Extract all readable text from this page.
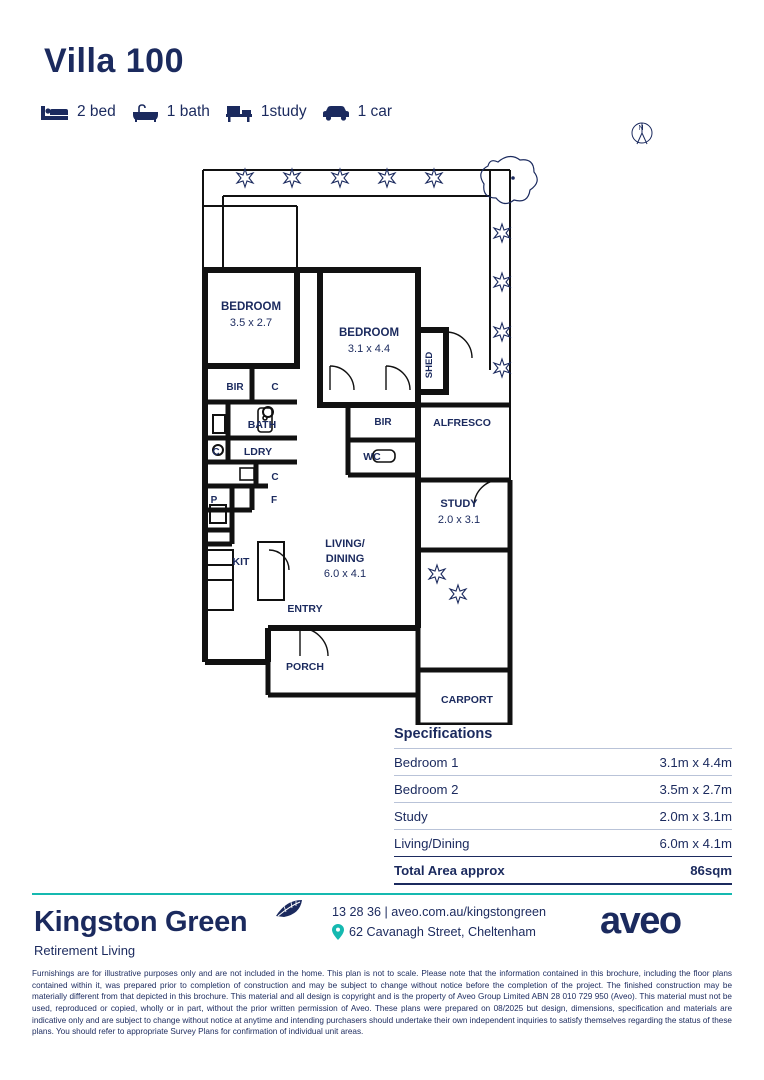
Villa 100
2 bed	1 bath	1study	1 car
N
BEDROOM
3.5 x 2.7
BEDROOM
3.1 x 4.4
SHED
BIR	C
BATH
C LDRY
C
P	F
BIR
WC
ALFRESCO
STUDY
2.0 x 3.1
KIT
LIVING/
DINING
6.0 x 4.1
ENTRY
PORCH
CARPORT
Specifications
Bedroom 1	3.1m x 4.4m
Bedroom 2	3.5m x 2.7m
Study	2.0m x 3.1m
Living/Dining	6.0m x 4.1m
Total Area approx	86sqm
Kingston Green
Retirement Living
13 28 36 | aveo.com.au/kingstongreen
62 Cavanagh Street, Cheltenham aveo
Furnishings are for illustrative purposes only and are not included in the home. This plan is not to scale. Please note that the information contained in this brochure, including the floor plans contained within it, was prepared prior to completion of construction and may be subject to change without notice before the completion of the project. The finished construction may be materially different from that depicted in this brochure. This material and all design is copyright and is the property of Aveo Group Limited ABN 28 010 729 950 (Aveo). This material must not be used, reproduced or copied, wholly or in part, without the prior written permission of Aveo. These plans were prepared on 08/2025 but design, dimensions, specification and materials are indicative only and are subject to change without notice at anytime and intending purchasers should undertake their own independent inquiries to satisfy themselves regarding the status of these plans. You should refer to appropriate Survey Plans for confirmation of individual unit areas.
